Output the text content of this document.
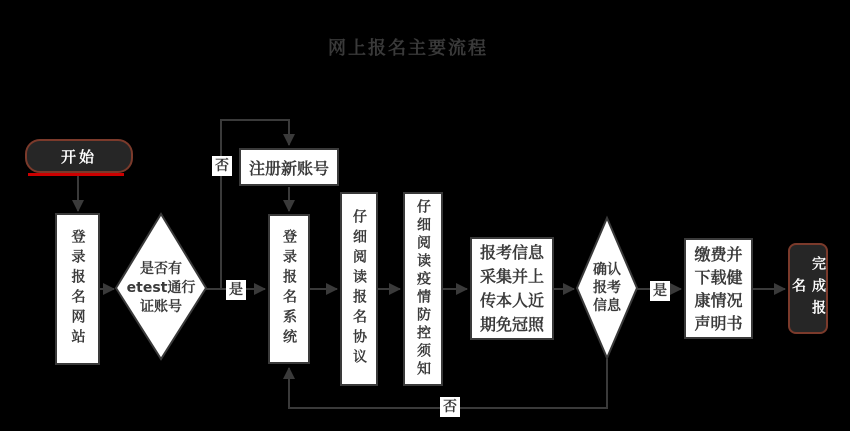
网上报名主要流程
开始
登录报名网站	是否有
etest通行
证账号
注册新账号
登录报名系统	仔细阅读报名协议	仔细阅读疫情防控须知	报考信息
采集并上
传本人近
期免冠照
确认
报考
信息
缴费并
下载健
康情况
声明书
完成报名
否
是	是
否
